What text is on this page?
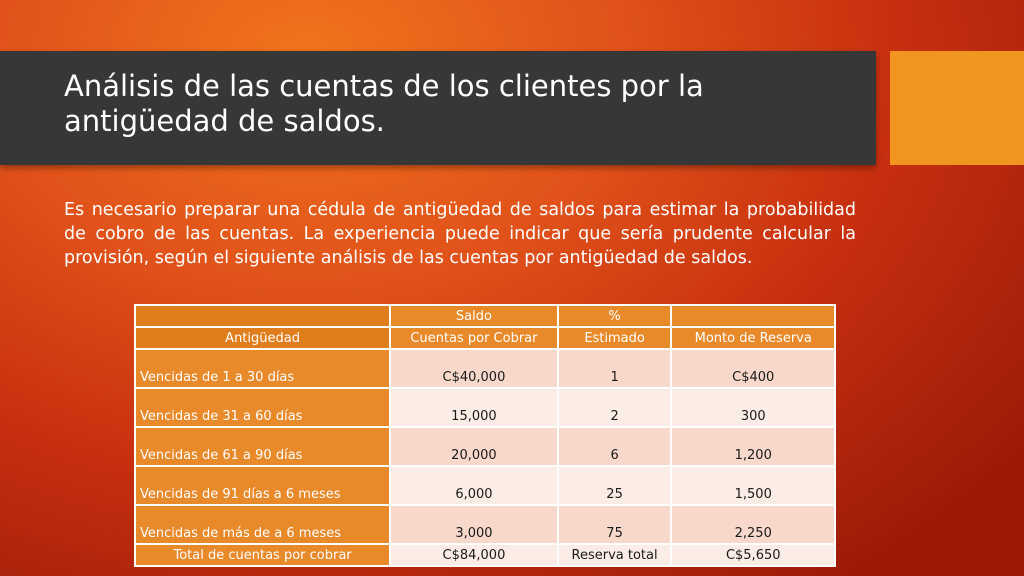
Análisis de las cuentas de los clientes por la antigüedad de saldos.

Es necesario preparar una cédula de antigüedad de saldos para estimar la probabilidad de cobro de las cuentas. La experiencia puede indicar que sería prudente calcular la provisión, según el siguiente análisis de las cuentas por antigüedad de saldos.

	Saldo	%	
Antigüedad	Cuentas por Cobrar	Estimado	Monto de Reserva
Vencidas de 1 a 30 días	C$40,000	1	C$400
Vencidas de 31 a 60 días	15,000	2	300
Vencidas de 61 a 90 días	20,000	6	1,200
Vencidas de 91 días a 6 meses	6,000	25	1,500
Vencidas de más de a 6 meses	3,000	75	2,250
Total de cuentas por cobrar	C$84,000	Reserva total	C$5,650
